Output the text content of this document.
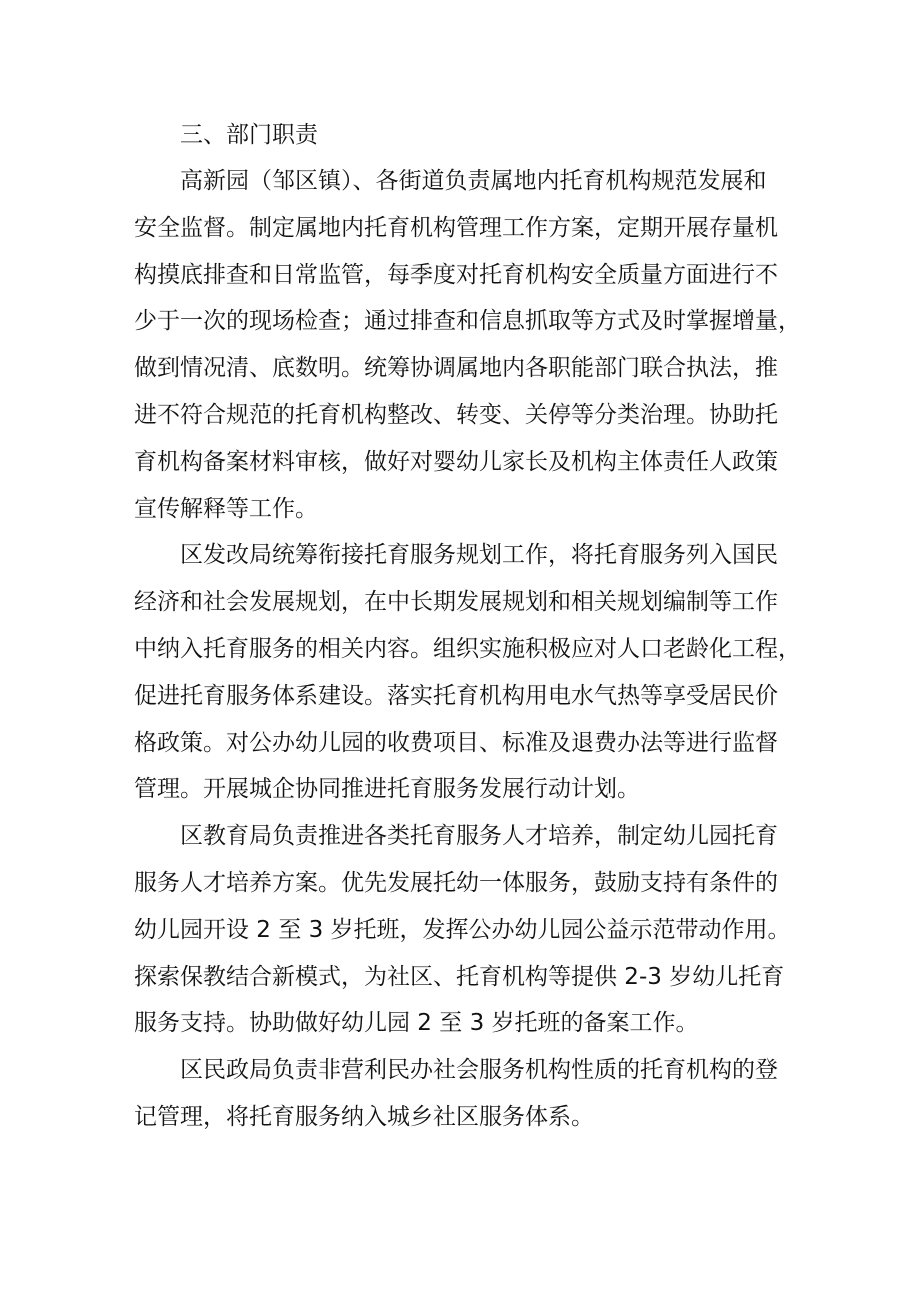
三、部门职责

高新园（邹区镇）、各街道负责属地内托育机构规范发展和
安全监督。制定属地内托育机构管理工作方案，定期开展存量机
构摸底排查和日常监管，每季度对托育机构安全质量方面进行不
少于一次的现场检查；通过排查和信息抓取等方式及时掌握增量，
做到情况清、底数明。统筹协调属地内各职能部门联合执法，推
进不符合规范的托育机构整改、转变、关停等分类治理。协助托
育机构备案材料审核，做好对婴幼儿家长及机构主体责任人政策
宣传解释等工作。

区发改局统筹衔接托育服务规划工作，将托育服务列入国民
经济和社会发展规划，在中长期发展规划和相关规划编制等工作
中纳入托育服务的相关内容。组织实施积极应对人口老龄化工程，
促进托育服务体系建设。落实托育机构用电水气热等享受居民价
格政策。对公办幼儿园的收费项目、标准及退费办法等进行监督
管理。开展城企协同推进托育服务发展行动计划。

区教育局负责推进各类托育服务人才培养，制定幼儿园托育
服务人才培养方案。优先发展托幼一体服务，鼓励支持有条件的
幼儿园开设 2 至 3 岁托班，发挥公办幼儿园公益示范带动作用。
探索保教结合新模式，为社区、托育机构等提供 2-3 岁幼儿托育
服务支持。协助做好幼儿园 2 至 3 岁托班的备案工作。

区民政局负责非营利民办社会服务机构性质的托育机构的登
记管理，将托育服务纳入城乡社区服务体系。
